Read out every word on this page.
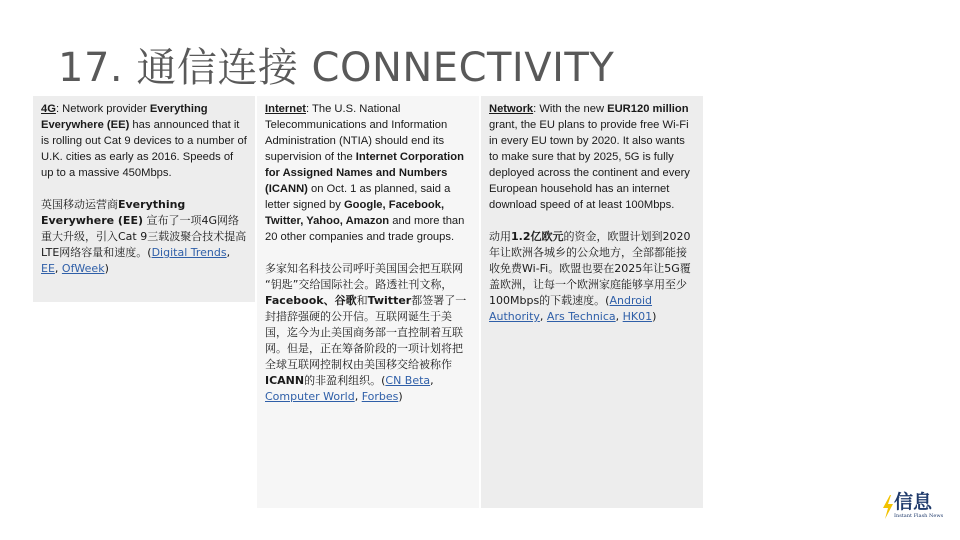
17. 通信连接 CONNECTIVITY

4G: Network provider Everything Everywhere (EE) has announced that it is rolling out Cat 9 devices to a number of U.K. cities as early as 2016. Speeds of up to a massive 450Mbps.

英国移动运营商Everything Everywhere (EE) 宣布了一项4G网络重大升级，引入Cat 9三载波聚合技术提高LTE网络容量和速度。(Digital Trends, EE, OfWeek)

Internet: The U.S. National Telecommunications and Information Administration (NTIA) should end its supervision of the Internet Corporation for Assigned Names and Numbers (ICANN) on Oct. 1 as planned, said a letter signed by Google, Facebook, Twitter, Yahoo, Amazon and more than 20 other companies and trade groups.

多家知名科技公司呼吁美国国会把互联网 “钥匙”交给国际社会。路透社刊文称，Facebook、谷歌和Twitter都签署了一封措辞强硬的公开信。互联网诞生于美国，迄今为止美国商务部一直控制着互联网。但是，正在筹备阶段的一项计划将把全球互联网控制权由美国移交给被称作ICANN的非盈利组织。(CN Beta, Computer World, Forbes)

Network: With the new EUR120 million grant, the EU plans to provide free Wi-Fi in every EU town by 2020. It also wants to make sure that by 2025, 5G is fully deployed across the continent and every European household has an internet download speed of at least 100Mbps.

动用1.2亿欧元的资金，欧盟计划到2020年让欧洲各城乡的公众地方，全部都能接收免费Wi-Fi。欧盟也要在2025年让5G覆盖欧洲，让每一个欧洲家庭能够享用至少100Mbps的下载速度。(Android Authority, Ars Technica, HK01)

信息
Instant Flash News
